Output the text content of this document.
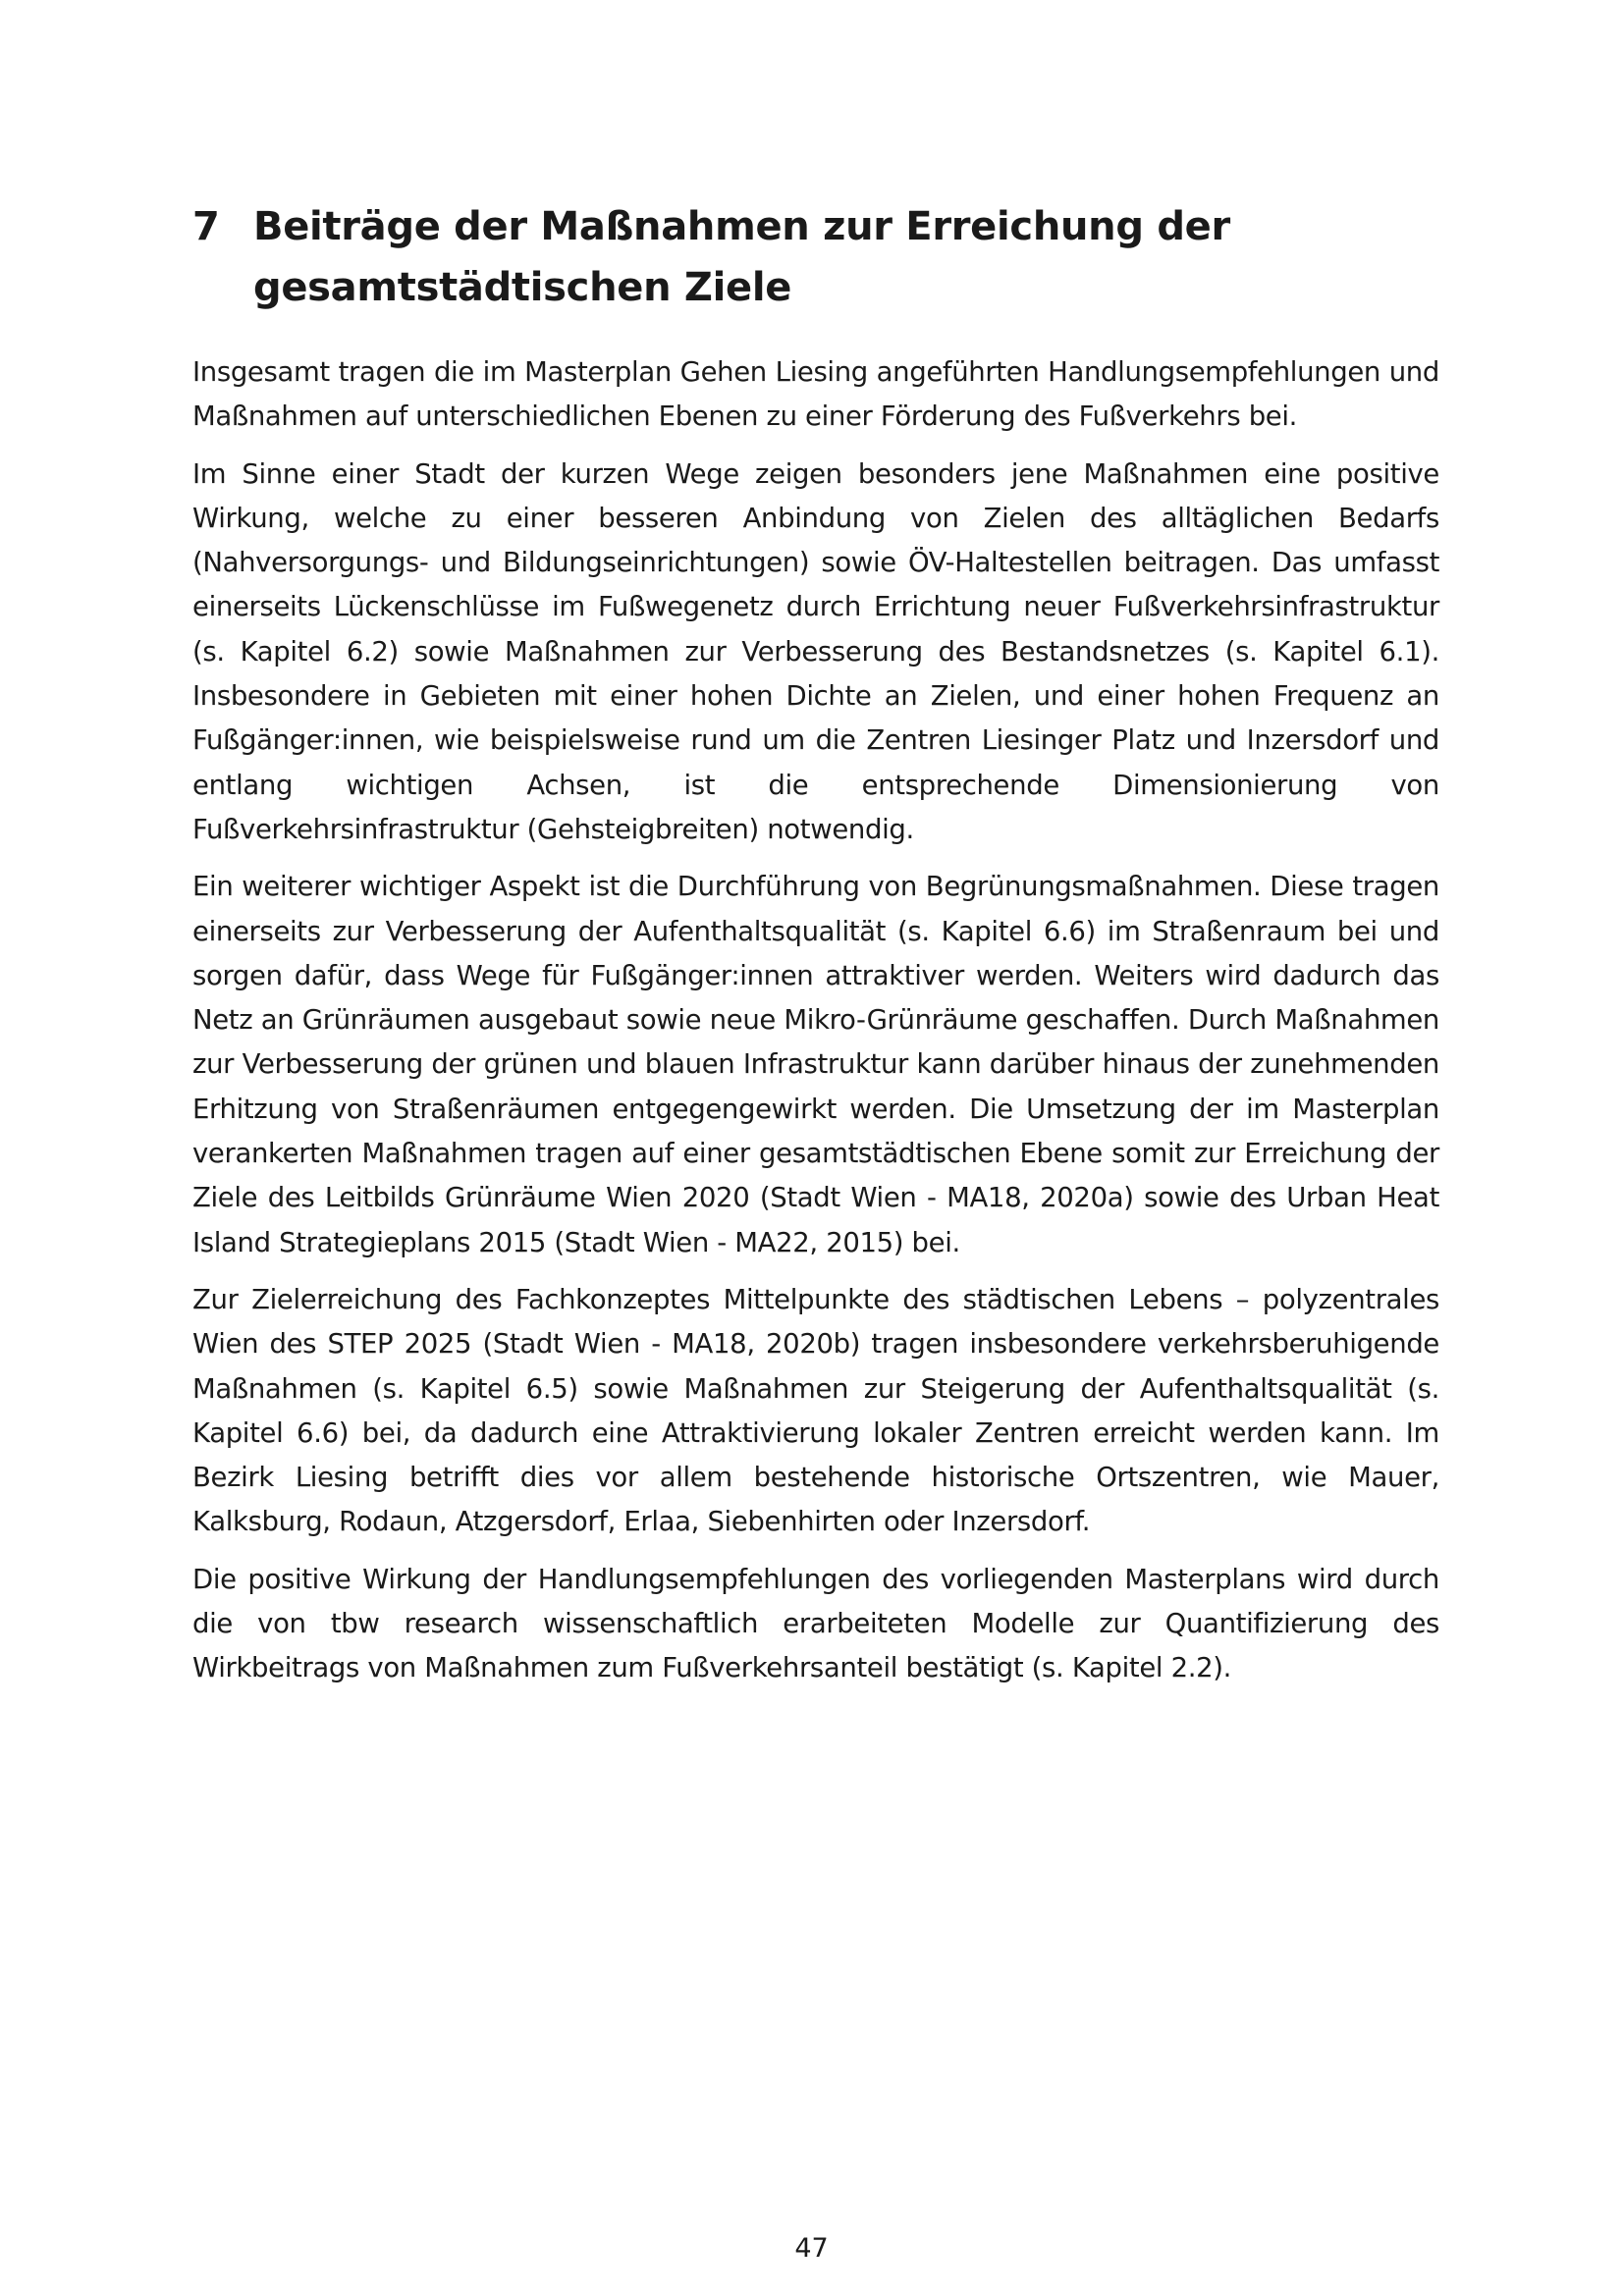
7 Beiträge der Maßnahmen zur Erreichung der gesamtstädtischen Ziele

Insgesamt tragen die im Masterplan Gehen Liesing angeführten Handlungsempfehlungen und Maßnahmen auf unterschiedlichen Ebenen zu einer Förderung des Fußverkehrs bei.

Im Sinne einer Stadt der kurzen Wege zeigen besonders jene Maßnahmen eine positive Wirkung, welche zu einer besseren Anbindung von Zielen des alltäglichen Bedarfs (Nahversorgungs- und Bildungseinrichtungen) sowie ÖV-Haltestellen beitragen. Das umfasst einerseits Lückenschlüsse im Fußwegenetz durch Errichtung neuer Fußverkehrsinfrastruktur (s. Kapitel 6.2) sowie Maßnahmen zur Verbesserung des Bestandsnetzes (s. Kapitel 6.1). Insbesondere in Gebieten mit einer hohen Dichte an Zielen, und einer hohen Frequenz an Fußgänger:innen, wie beispielsweise rund um die Zentren Liesinger Platz und Inzersdorf und entlang wichtigen Achsen, ist die entsprechende Dimensionierung von Fußverkehrsinfrastruktur (Gehsteigbreiten) notwendig.

Ein weiterer wichtiger Aspekt ist die Durchführung von Begrünungsmaßnahmen. Diese tragen einerseits zur Verbesserung der Aufenthaltsqualität (s. Kapitel 6.6) im Straßenraum bei und sorgen dafür, dass Wege für Fußgänger:innen attraktiver werden. Weiters wird dadurch das Netz an Grünräumen ausgebaut sowie neue Mikro-Grünräume geschaffen. Durch Maßnahmen zur Verbesserung der grünen und blauen Infrastruktur kann darüber hinaus der zunehmenden Erhitzung von Straßenräumen entgegengewirkt werden. Die Umsetzung der im Masterplan verankerten Maßnahmen tragen auf einer gesamtstädtischen Ebene somit zur Erreichung der Ziele des Leitbilds Grünräume Wien 2020 (Stadt Wien - MA18, 2020a) sowie des Urban Heat Island Strategieplans 2015 (Stadt Wien - MA22, 2015) bei.

Zur Zielerreichung des Fachkonzeptes Mittelpunkte des städtischen Lebens – polyzentrales Wien des STEP 2025 (Stadt Wien - MA18, 2020b) tragen insbesondere verkehrsberuhigende Maßnahmen (s. Kapitel 6.5) sowie Maßnahmen zur Steigerung der Aufenthaltsqualität (s. Kapitel 6.6) bei, da dadurch eine Attraktivierung lokaler Zentren erreicht werden kann. Im Bezirk Liesing betrifft dies vor allem bestehende historische Ortszentren, wie Mauer, Kalksburg, Rodaun, Atzgersdorf, Erlaa, Siebenhirten oder Inzersdorf.

Die positive Wirkung der Handlungsempfehlungen des vorliegenden Masterplans wird durch die von tbw research wissenschaftlich erarbeiteten Modelle zur Quantifizierung des Wirkbeitrags von Maßnahmen zum Fußverkehrsanteil bestätigt (s. Kapitel 2.2).

47
